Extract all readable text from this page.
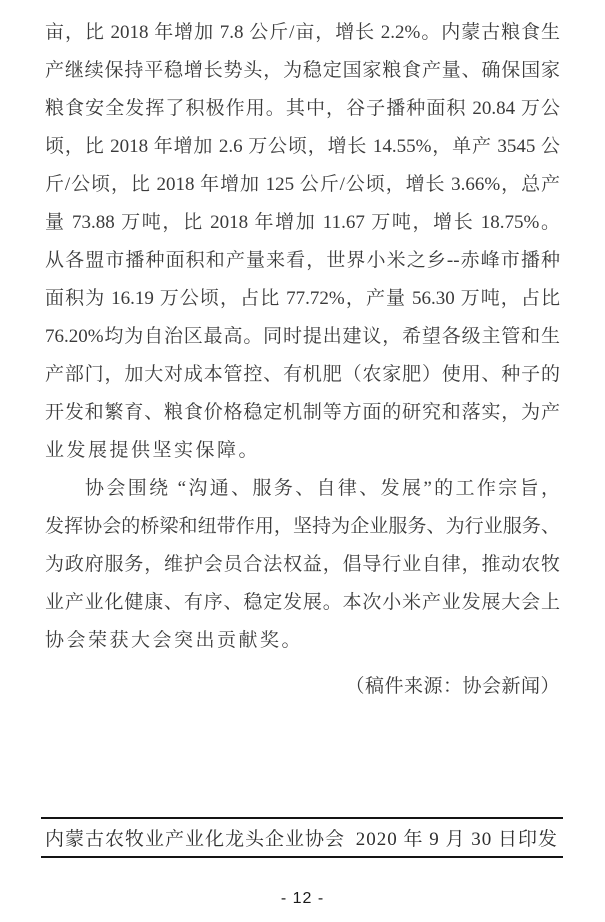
亩，比 2018 年增加 7.8 公斤/亩，增长 2.2%。内蒙古粮食生
产继续保持平稳增长势头，为稳定国家粮食产量、确保国家
粮食安全发挥了积极作用。其中，谷子播种面积 20.84 万公
顷，比 2018 年增加 2.6 万公顷，增长 14.55%，单产 3545 公
斤/公顷，比 2018 年增加 125 公斤/公顷，增长 3.66%，总产
量 73.88 万吨，比 2018 年增加 11.67 万吨，增长 18.75%。
从各盟市播种面积和产量来看，世界小米之乡--赤峰市播种
面积为 16.19 万公顷，占比 77.72%，产量 56.30 万吨，占比
76.20%均为自治区最高。同时提出建议，希望各级主管和生
产部门，加大对成本管控、有机肥（农家肥）使用、种子的
开发和繁育、粮食价格稳定机制等方面的研究和落实，为产
业发展提供坚实保障。
协会围绕 “沟通、服务、自律、发展”的工作宗旨，
发挥协会的桥梁和纽带作用，坚持为企业服务、为行业服务、
为政府服务，维护会员合法权益，倡导行业自律，推动农牧
业产业化健康、有序、稳定发展。本次小米产业发展大会上
协会荣获大会突出贡献奖。
（稿件来源：协会新闻）
内蒙古农牧业产业化龙头企业协会 2020 年 9 月 30 日印发
- 12 -
